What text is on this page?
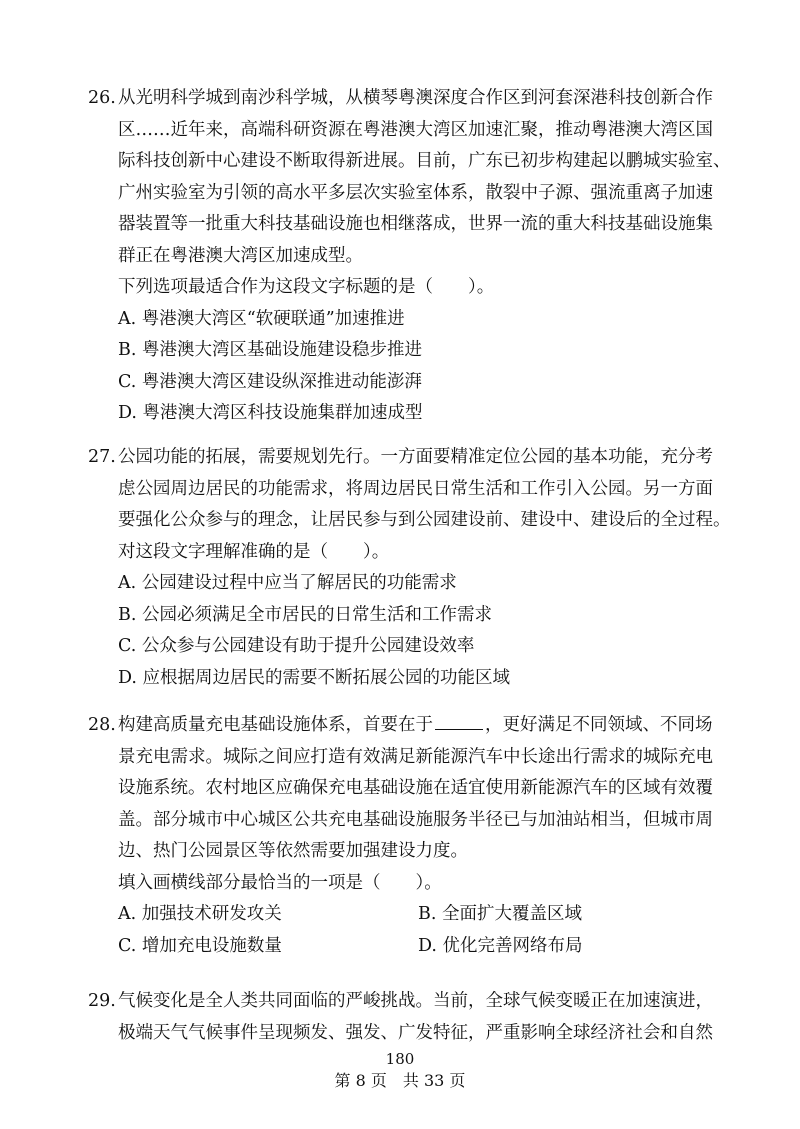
26. 从光明科学城到南沙科学城，从横琴粤澳深度合作区到河套深港科技创新合作
区……近年来，高端科研资源在粤港澳大湾区加速汇聚，推动粤港澳大湾区国
际科技创新中心建设不断取得新进展。目前，广东已初步构建起以鹏城实验室、
广州实验室为引领的高水平多层次实验室体系，散裂中子源、强流重离子加速
器装置等一批重大科技基础设施也相继落成，世界一流的重大科技基础设施集
群正在粤港澳大湾区加速成型。
下列选项最适合作为这段文字标题的是（　　）。
A. 粤港澳大湾区“软硬联通”加速推进
B. 粤港澳大湾区基础设施建设稳步推进
C. 粤港澳大湾区建设纵深推进动能澎湃
D. 粤港澳大湾区科技设施集群加速成型
27. 公园功能的拓展，需要规划先行。一方面要精准定位公园的基本功能，充分考
虑公园周边居民的功能需求，将周边居民日常生活和工作引入公园。另一方面
要强化公众参与的理念，让居民参与到公园建设前、建设中、建设后的全过程。
对这段文字理解准确的是（　　）。
A. 公园建设过程中应当了解居民的功能需求
B. 公园必须满足全市居民的日常生活和工作需求
C. 公众参与公园建设有助于提升公园建设效率
D. 应根据周边居民的需要不断拓展公园的功能区域
28. 构建高质量充电基础设施体系，首要在于	，更好满足不同领域、不同场
景充电需求。城际之间应打造有效满足新能源汽车中长途出行需求的城际充电
设施系统。农村地区应确保充电基础设施在适宜使用新能源汽车的区域有效覆
盖。部分城市中心城区公共充电基础设施服务半径已与加油站相当，但城市周
边、热门公园景区等依然需要加强建设力度。
填入画横线部分最恰当的一项是（　　）。
A. 加强技术研发攻关	B. 全面扩大覆盖区域
C. 增加充电设施数量	D. 优化完善网络布局
29. 气候变化是全人类共同面临的严峻挑战。当前，全球气候变暖正在加速演进，
极端天气气候事件呈现频发、强发、广发特征，严重影响全球经济社会和自然
180
第 8 页　共 33 页
